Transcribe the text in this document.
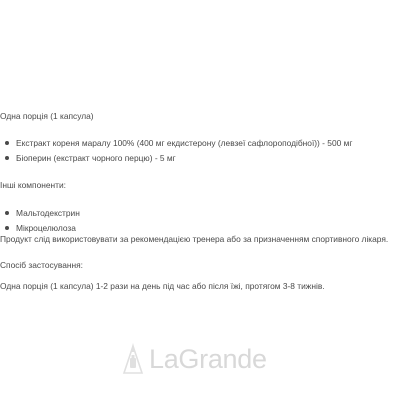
Одна порція (1 капсула)
Екстракт кореня маралу 100% (400 мг екдистерону (левзеї сафлороподібної)) - 500 мг
Біоперин (екстракт чорного перцю) - 5 мг
Інші компоненти:
Мальтодекстрин
Мікроцелюлоза
Продукт слід використовувати за рекомендацією тренера або за призначенням спортивного лікаря.
Спосіб застосування:
Одна порція (1 капсула) 1-2 рази на день під час або після їжі, протягом 3-8 тижнів.
LaGrande
